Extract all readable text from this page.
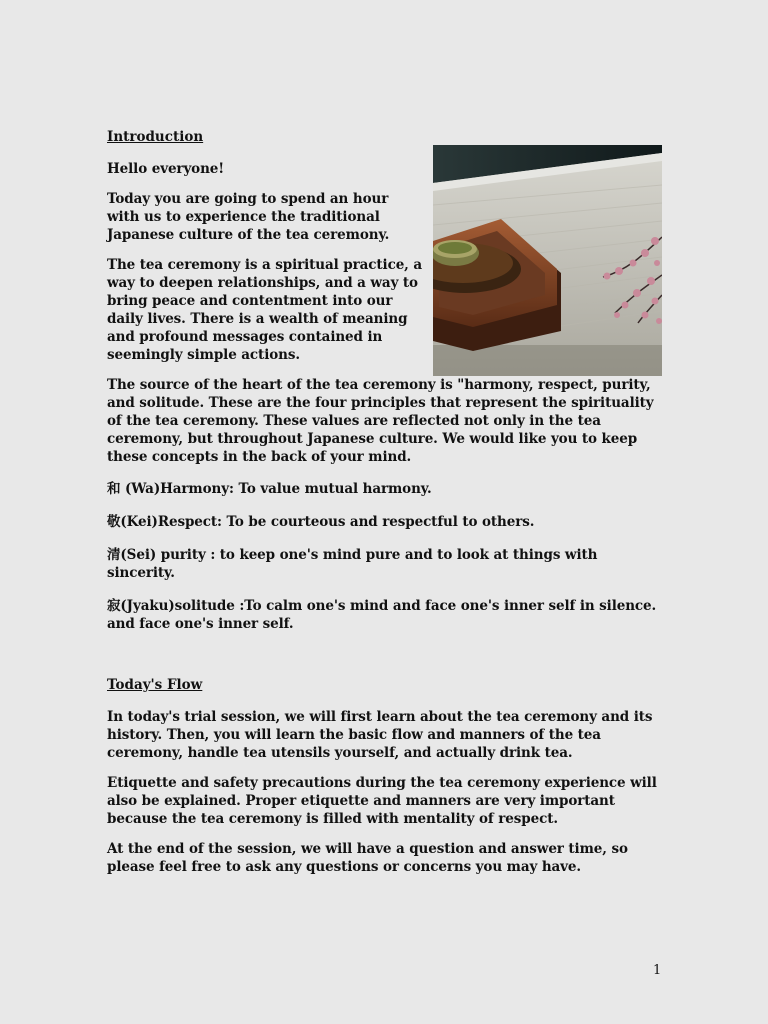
Introduction

Hello everyone!

Today you are going to spend an hour with us to experience the traditional Japanese culture of the tea ceremony.

The tea ceremony is a spiritual practice, a way to deepen relationships, and a way to bring peace and contentment into our daily lives. There is a wealth of meaning and profound messages contained in seemingly simple actions.

The source of the heart of the tea ceremony is "harmony, respect, purity, and solitude. These are the four principles that represent the spirituality of the tea ceremony. These values are reflected not only in the tea ceremony, but throughout Japanese culture. We would like you to keep these concepts in the back of your mind.

和 (Wa)Harmony: To value mutual harmony.

敬(Kei)Respect: To be courteous and respectful to others.

清(Sei) purity : to keep one's mind pure and to look at things with sincerity.

寂(Jyaku)solitude :To calm one's mind and face one's inner self in silence. and face one's inner self.

Today's Flow

In today's trial session, we will first learn about the tea ceremony and its history. Then, you will learn the basic flow and manners of the tea ceremony, handle tea utensils yourself, and actually drink tea.

Etiquette and safety precautions during the tea ceremony experience will also be explained. Proper etiquette and manners are very important because the tea ceremony is filled with mentality of respect.

At the end of the session, we will have a question and answer time, so please feel free to ask any questions or concerns you may have.

1
